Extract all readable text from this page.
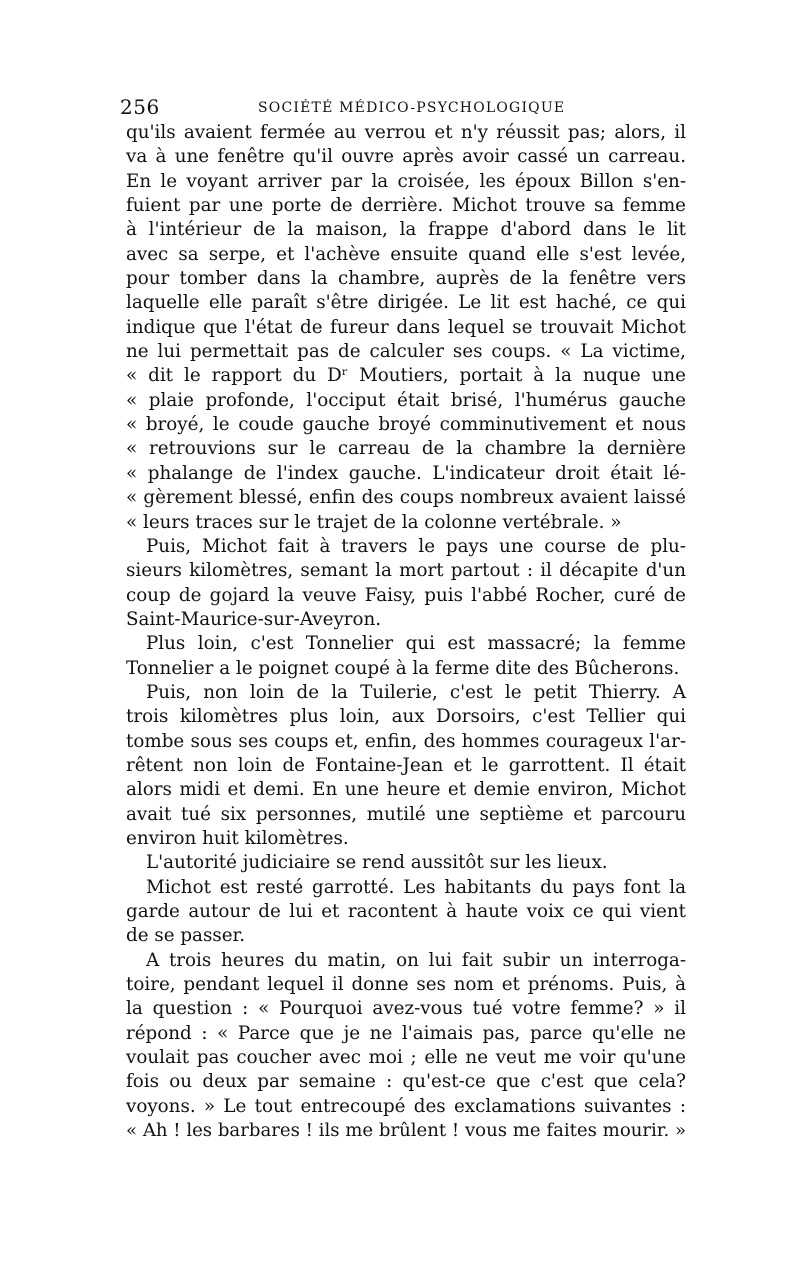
256	SOCIÉTÉ MÉDICO-PSYCHOLOGIQUE
qu'ils avaient fermée au verrou et n'y réussit pas; alors, il
va à une fenêtre qu'il ouvre après avoir cassé un carreau.
En le voyant arriver par la croisée, les époux Billon s'en-
fuient par une porte de derrière. Michot trouve sa femme
à l'intérieur de la maison, la frappe d'abord dans le lit
avec sa serpe, et l'achève ensuite quand elle s'est levée,
pour tomber dans la chambre, auprès de la fenêtre vers
laquelle elle paraît s'être dirigée. Le lit est haché, ce qui
indique que l'état de fureur dans lequel se trouvait Michot
ne lui permettait pas de calculer ses coups. « La victime,
« dit le rapport du Dʳ Moutiers, portait à la nuque une
« plaie profonde, l'occiput était brisé, l'humérus gauche
« broyé, le coude gauche broyé comminutivement et nous
« retrouvions sur le carreau de la chambre la dernière
« phalange de l'index gauche. L'indicateur droit était lé-
« gèrement blessé, enfin des coups nombreux avaient laissé
« leurs traces sur le trajet de la colonne vertébrale. »
Puis, Michot fait à travers le pays une course de plu-
sieurs kilomètres, semant la mort partout : il décapite d'un
coup de gojard la veuve Faisy, puis l'abbé Rocher, curé de
Saint-Maurice-sur-Aveyron.
Plus loin, c'est Tonnelier qui est massacré; la femme
Tonnelier a le poignet coupé à la ferme dite des Bûcherons.
Puis, non loin de la Tuilerie, c'est le petit Thierry. A
trois kilomètres plus loin, aux Dorsoirs, c'est Tellier qui
tombe sous ses coups et, enfin, des hommes courageux l'ar-
rêtent non loin de Fontaine-Jean et le garrottent. Il était
alors midi et demi. En une heure et demie environ, Michot
avait tué six personnes, mutilé une septième et parcouru
environ huit kilomètres.
L'autorité judiciaire se rend aussitôt sur les lieux.
Michot est resté garrotté. Les habitants du pays font la
garde autour de lui et racontent à haute voix ce qui vient
de se passer.
A trois heures du matin, on lui fait subir un interroga-
toire, pendant lequel il donne ses nom et prénoms. Puis, à
la question : « Pourquoi avez-vous tué votre femme? » il
répond : « Parce que je ne l'aimais pas, parce qu'elle ne
voulait pas coucher avec moi ; elle ne veut me voir qu'une
fois ou deux par semaine : qu'est-ce que c'est que cela?
voyons. » Le tout entrecoupé des exclamations suivantes :
« Ah ! les barbares ! ils me brûlent ! vous me faites mourir. »
